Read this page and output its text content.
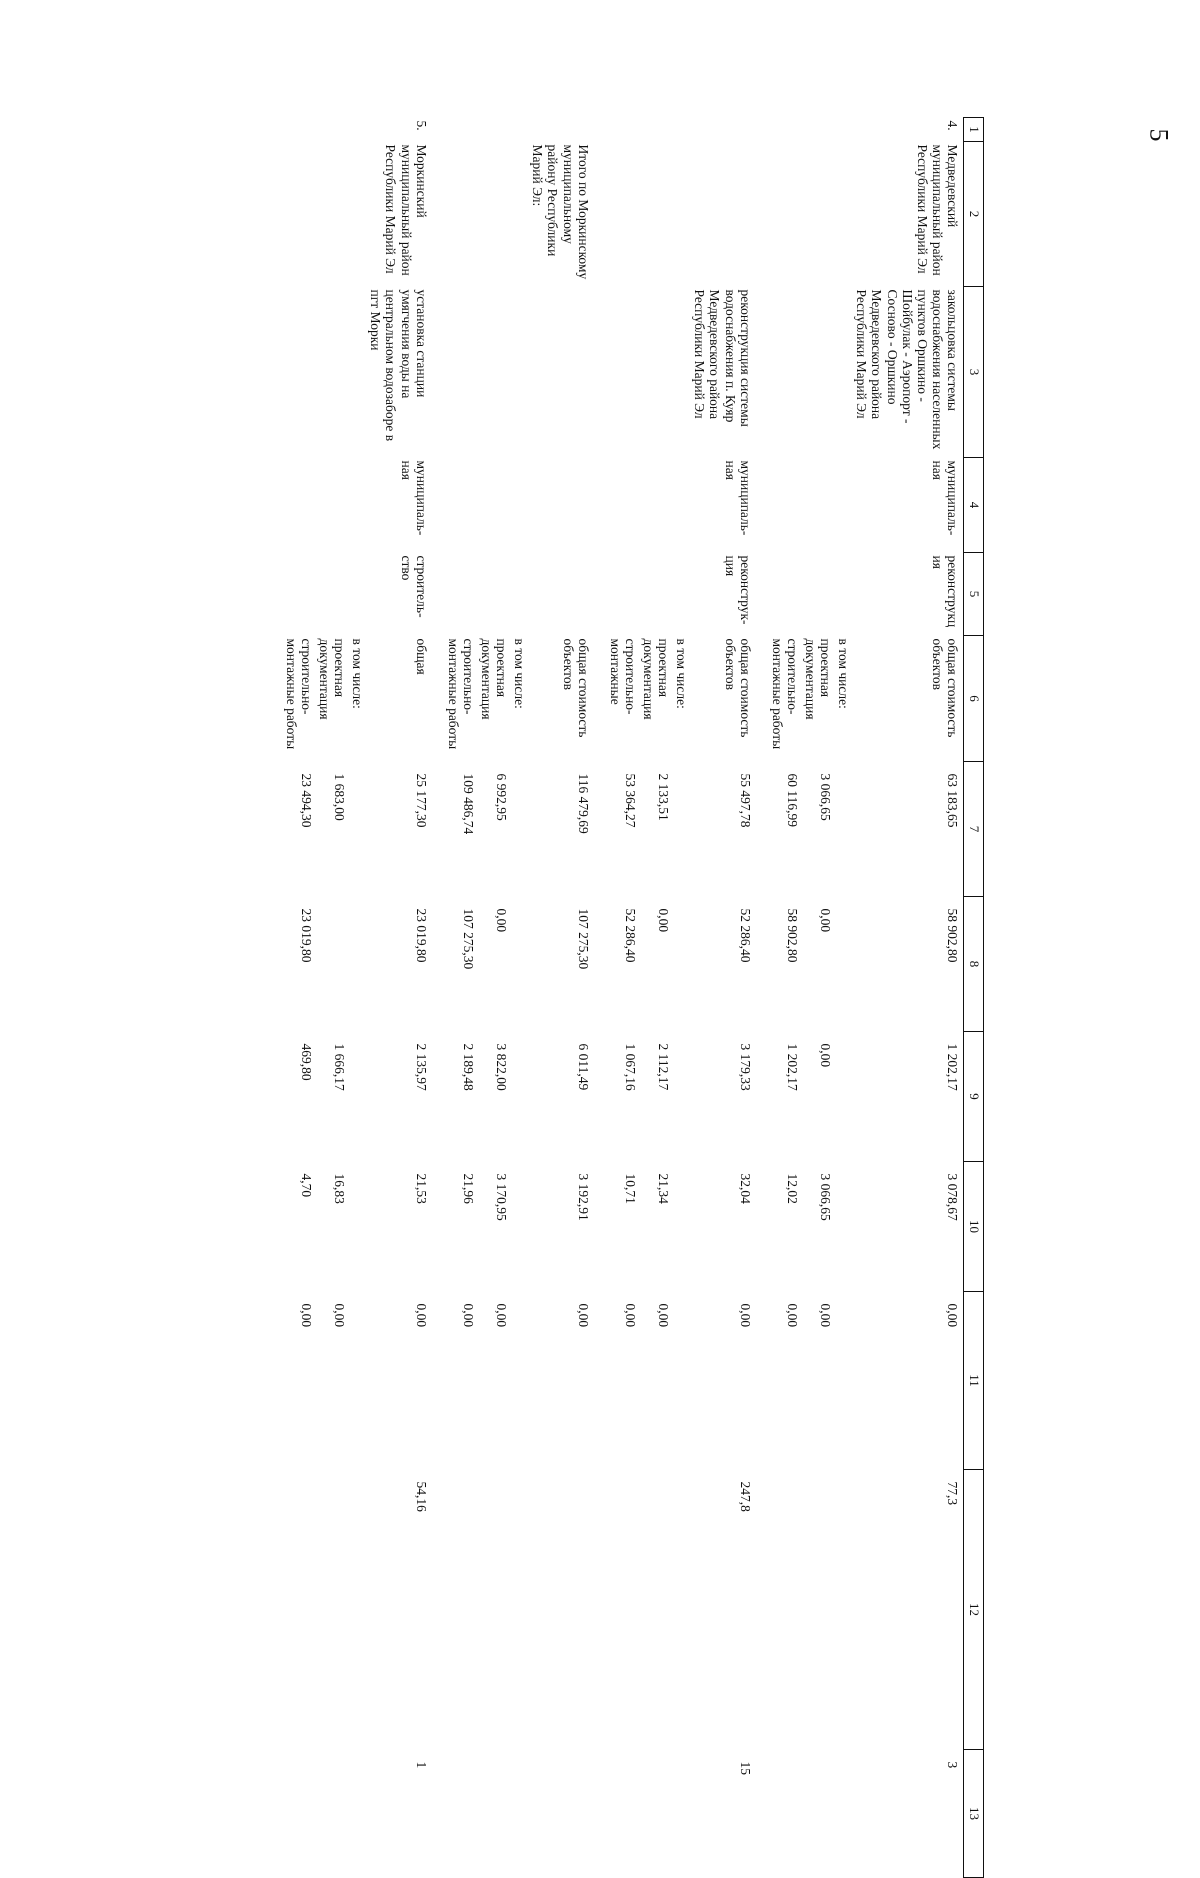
5
1	2	3	4	5	6	7	8	9	10	11	12	13
4.	Медведевский муниципальный район Республики Марий Эл	закольцовка системы водоснабжения населенных пунктов Оршкино - Шойбулак - Аэропорт - Сосново - Оршкино Медведевского района Республики Марий Эл	муниципаль-ная	реконструкц ия	общая стоимость объектов	63 183,65	58 902,80	1 202,17	3 078,67	0,00	77,3	3
					в том числе:							
					проектная документация	3 066,65	0,00	0,00	3 066,65	0,00		
					строительно-монтажные работы	60 116,99	58 902,80	1 202,17	12,02	0,00		

		реконструкция системы водоснабжения п. Куяр Медведевского района Республики Марий Эл	муниципаль-ная	реконструк-ция	общая стоимость объектов	55 497,78	52 286,40	3 179,33	32,04	0,00	247,8	15
					в том числе:							
					проектная документация	2 133,51	0,00	2 112,17	21,34	0,00		
					строительно-монтажные	53 364,27	52 286,40	1 067,16	10,71	0,00		

	Итого по Моркинскому муниципальному району Республики Марий Эл:				общая стоимость объектов	116 479,69	107 275,30	6 011,49	3 192,91	0,00		
					в том числе:							
					проектная документация	6 992,95	0,00	3 822,00	3 170,95	0,00		
					строительно-монтажные работы	109 486,74	107 275,30	2 189,48	21,96	0,00		

5.	Моркинский муниципальный район Республики Марий Эл	установка станции умягчения воды на центральном водозаборе в пгт Морки	муниципаль-ная	строитель-ство	общая	25 177,30	23 019,80	2 135,97	21,53	0,00	54,16	1
					в том числе:							
					проектная документация	1 683,00		1 666,17	16,83	0,00		
					строительно-монтажные работы	23 494,30	23 019,80	469,80	4,70	0,00		
